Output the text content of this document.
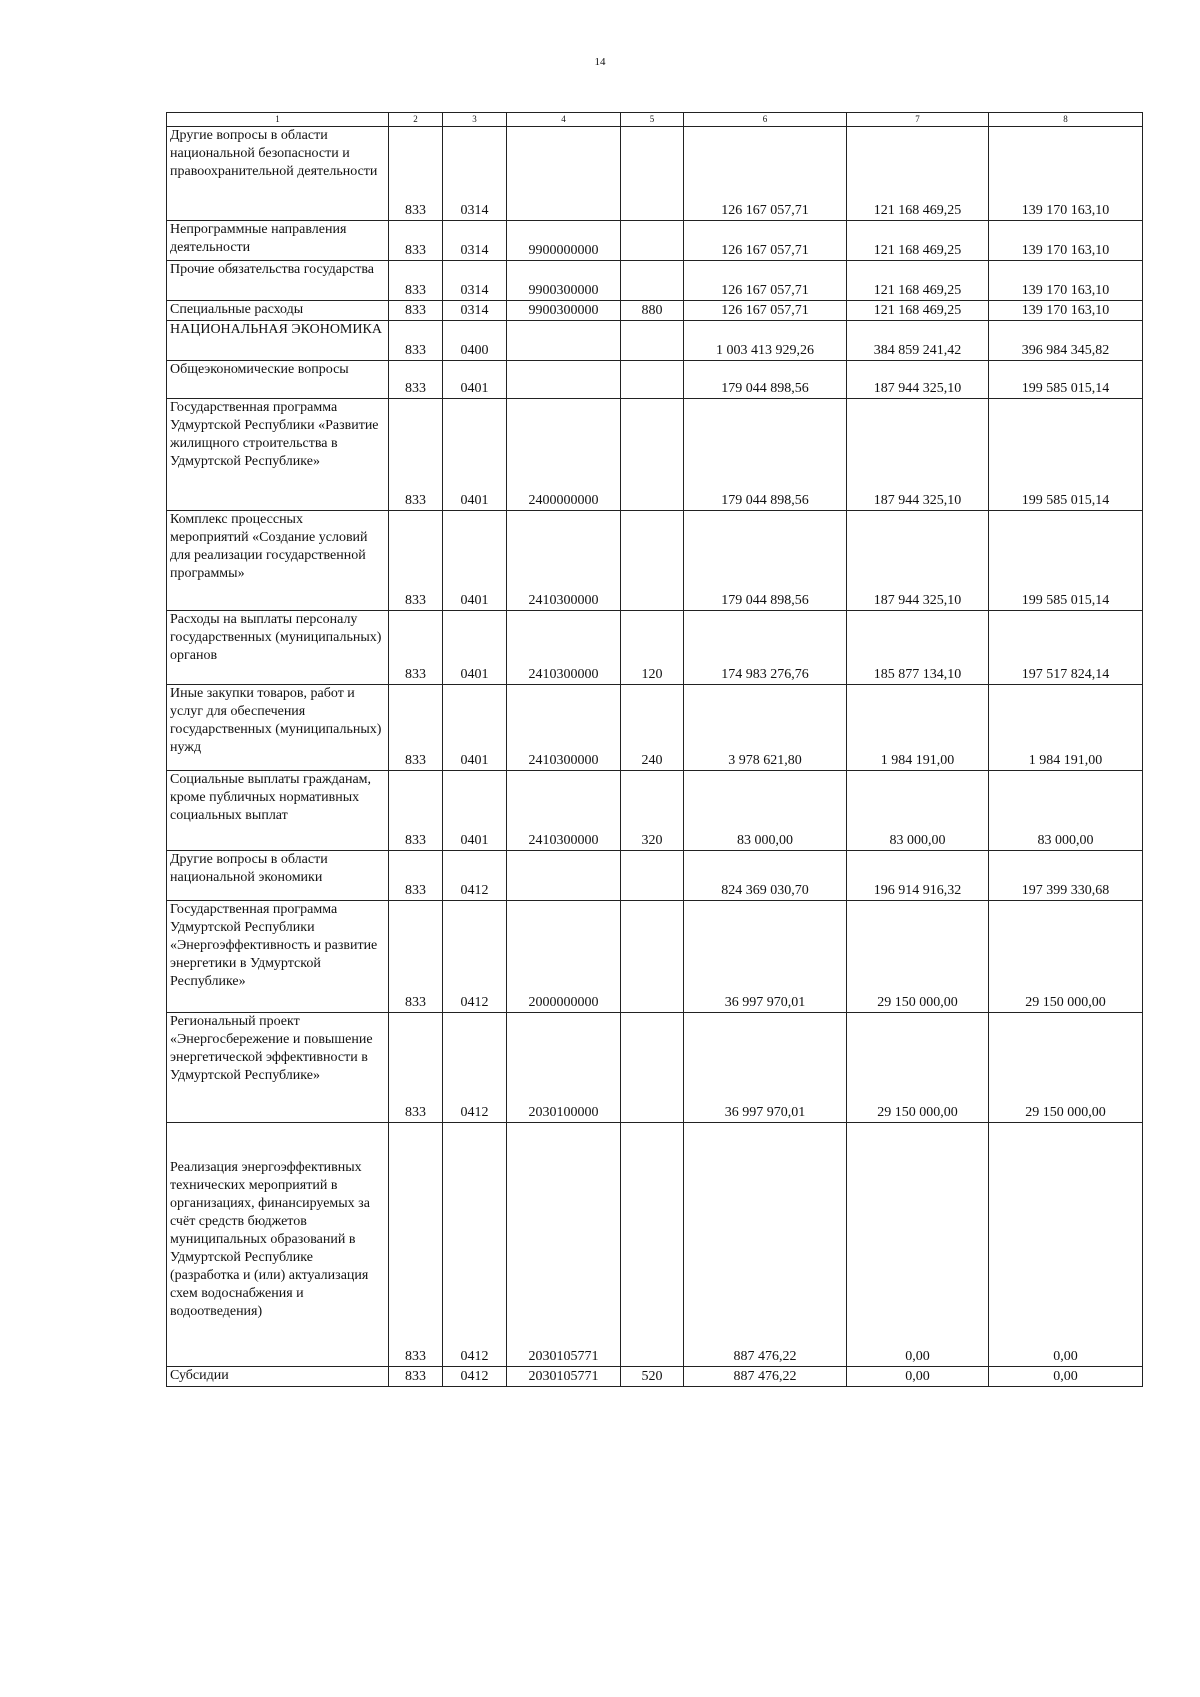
14
1	2	3	4	5	6	7	8
Другие вопросы в области национальной безопасности и правоохранительной деятельности	833	0314			126 167 057,71	121 168 469,25	139 170 163,10
Непрограммные направления деятельности	833	0314	9900000000		126 167 057,71	121 168 469,25	139 170 163,10
Прочие обязательства государства	833	0314	9900300000		126 167 057,71	121 168 469,25	139 170 163,10
Специальные расходы	833	0314	9900300000	880	126 167 057,71	121 168 469,25	139 170 163,10
НАЦИОНАЛЬНАЯ ЭКОНОМИКА	833	0400			1 003 413 929,26	384 859 241,42	396 984 345,82
Общеэкономические вопросы	833	0401			179 044 898,56	187 944 325,10	199 585 015,14
Государственная программа Удмуртской Республики «Развитие жилищного строительства в Удмуртской Республике»	833	0401	2400000000		179 044 898,56	187 944 325,10	199 585 015,14
Комплекс процессных мероприятий «Создание условий для реализации государственной программы»	833	0401	2410300000		179 044 898,56	187 944 325,10	199 585 015,14
Расходы на выплаты персоналу государственных (муниципальных) органов	833	0401	2410300000	120	174 983 276,76	185 877 134,10	197 517 824,14
Иные закупки товаров, работ и услуг для обеспечения государственных (муниципальных) нужд	833	0401	2410300000	240	3 978 621,80	1 984 191,00	1 984 191,00
Социальные выплаты гражданам, кроме публичных нормативных социальных выплат	833	0401	2410300000	320	83 000,00	83 000,00	83 000,00
Другие вопросы в области национальной экономики	833	0412			824 369 030,70	196 914 916,32	197 399 330,68
Государственная программа Удмуртской Республики «Энергоэффективность и развитие энергетики в Удмуртской Республике»	833	0412	2000000000		36 997 970,01	29 150 000,00	29 150 000,00
Региональный проект «Энергосбережение и повышение энергетической эффективности в Удмуртской Республике»	833	0412	2030100000		36 997 970,01	29 150 000,00	29 150 000,00
Реализация энергоэффективных технических мероприятий в организациях, финансируемых за счёт средств бюджетов муниципальных образований в Удмуртской Республике (разработка и (или) актуализация схем водоснабжения и водоотведения)	833	0412	2030105771		887 476,22	0,00	0,00
Субсидии	833	0412	2030105771	520	887 476,22	0,00	0,00
